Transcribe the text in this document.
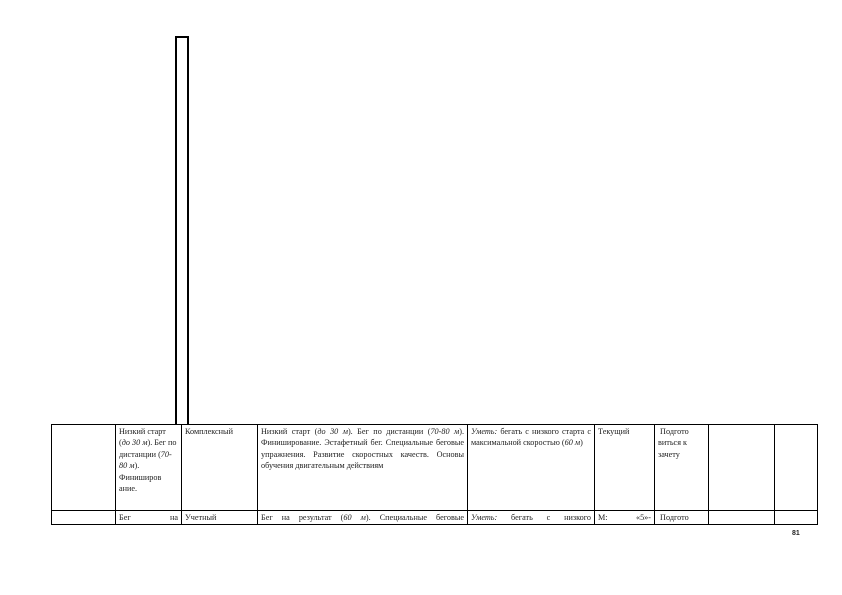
	Низкий старт (до 30 м). Бег по дистанции (70-80 м). Финиширов ание.	Комплексный	Низкий старт (до 30 м). Бег по дистанции (70-80 м). Финиширование. Эстафетный бег. Специальные беговые упражнения. Развитие скоростных качеств. Основы обучения двигательным действиям	Уметь: бегать с низкого старта с максимальной скоростью (60 м)	Текущий	Подгото виться к зачету		
	Бег на	Учетный	Бег на результат (60 м). Специальные беговые	Уметь: бегать с низкого	М: «5»-	Подгото		
81
